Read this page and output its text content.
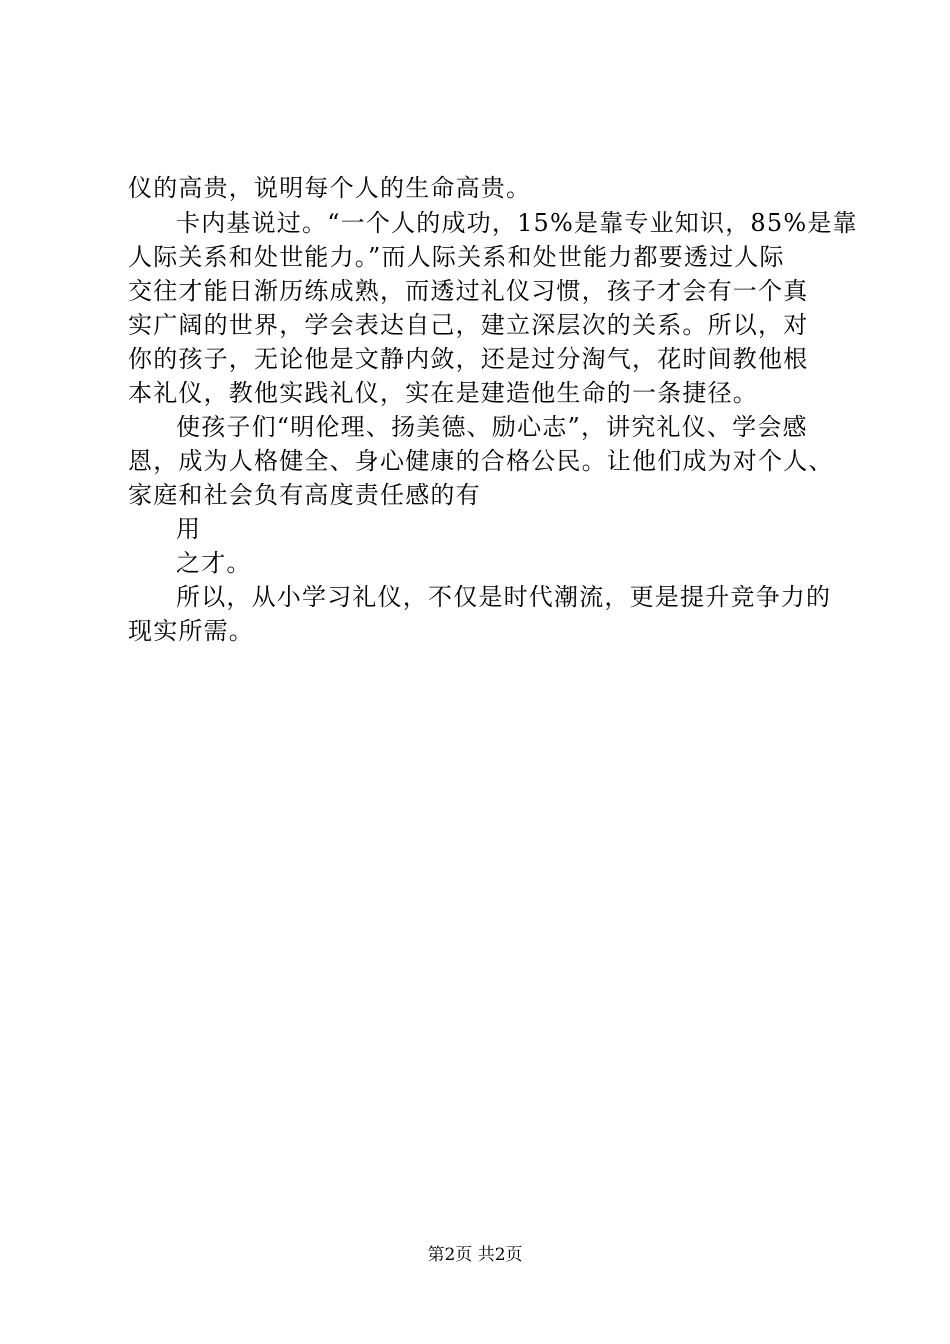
仪的高贵，说明每个人的生命高贵。
卡内基说过。“一个人的成功，15%是靠专业知识，85%是靠
人际关系和处世能力。”而人际关系和处世能力都要透过人际
交往才能日渐历练成熟，而透过礼仪习惯，孩子才会有一个真
实广阔的世界，学会表达自己，建立深层次的关系。所以，对
你的孩子，无论他是文静内敛，还是过分淘气，花时间教他根
本礼仪，教他实践礼仪，实在是建造他生命的一条捷径。
使孩子们“明伦理、扬美德、励心志”，讲究礼仪、学会感
恩，成为人格健全、身心健康的合格公民。让他们成为对个人、
家庭和社会负有高度责任感的有
用
之才。
所以，从小学习礼仪，不仅是时代潮流，更是提升竞争力的
现实所需。
第2页 共2页
